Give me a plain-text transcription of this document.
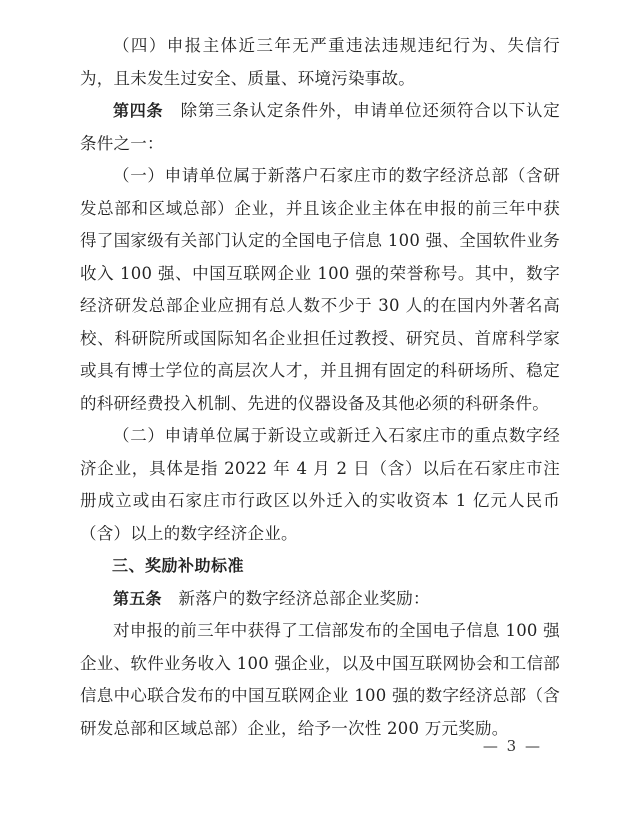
（四）申报主体近三年无严重违法违规违纪行为、失信行为，且未发生过安全、质量、环境污染事故。

第四条　除第三条认定条件外，申请单位还须符合以下认定条件之一：

（一）申请单位属于新落户石家庄市的数字经济总部（含研发总部和区域总部）企业，并且该企业主体在申报的前三年中获得了国家级有关部门认定的全国电子信息 100 强、全国软件业务收入 100 强、中国互联网企业 100 强的荣誉称号。其中，数字经济研发总部企业应拥有总人数不少于 30 人的在国内外著名高校、科研院所或国际知名企业担任过教授、研究员、首席科学家或具有博士学位的高层次人才，并且拥有固定的科研场所、稳定的科研经费投入机制、先进的仪器设备及其他必须的科研条件。

（二）申请单位属于新设立或新迁入石家庄市的重点数字经济企业，具体是指 2022 年 4 月 2 日（含）以后在石家庄市注册成立或由石家庄市行政区以外迁入的实收资本 1 亿元人民币（含）以上的数字经济企业。

三、奖励补助标准

第五条　新落户的数字经济总部企业奖励：

对申报的前三年中获得了工信部发布的全国电子信息 100 强企业、软件业务收入 100 强企业，以及中国互联网协会和工信部信息中心联合发布的中国互联网企业 100 强的数字经济总部（含研发总部和区域总部）企业，给予一次性 200 万元奖励。

— 3 —
